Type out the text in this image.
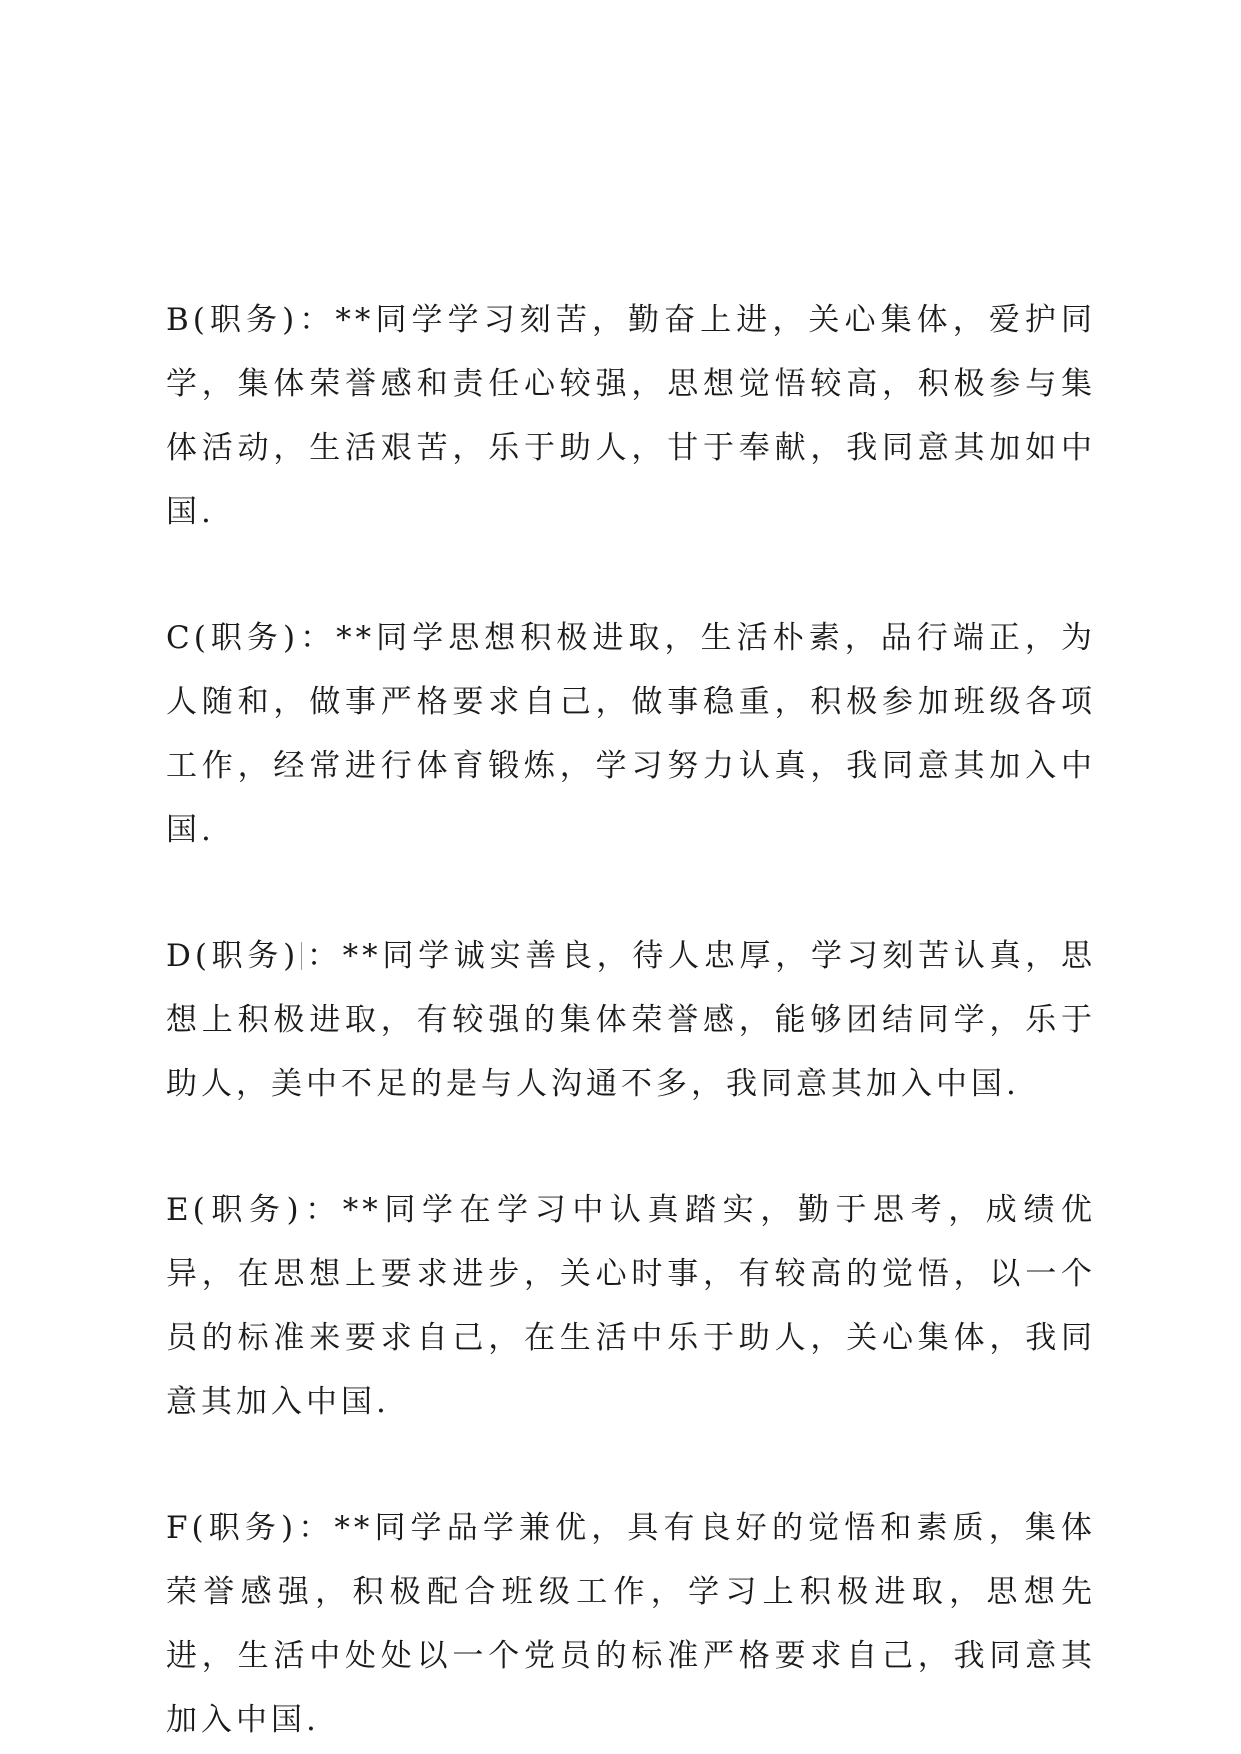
B(职务)：**同学学习刻苦，勤奋上进，关心集体，爱护同学，集体荣誉感和责任心较强，思想觉悟较高，积极参与集体活动，生活艰苦，乐于助人，甘于奉献，我同意其加如中国.

C(职务)：**同学思想积极进取，生活朴素，品行端正，为人随和，做事严格要求自己，做事稳重，积极参加班级各项工作，经常进行体育锻炼，学习努力认真，我同意其加入中国.

D(职务) ：**同学诚实善良，待人忠厚，学习刻苦认真，思想上积极进取，有较强的集体荣誉感，能够团结同学，乐于助人，美中不足的是与人沟通不多，我同意其加入中国.

E(职务)：**同学在学习中认真踏实，勤于思考，成绩优异，在思想上要求进步，关心时事，有较高的觉悟，以一个员的标准来要求自己，在生活中乐于助人，关心集体，我同意其加入中国.

F(职务)：**同学品学兼优，具有良好的觉悟和素质，集体荣誉感强，积极配合班级工作，学习上积极进取，思想先进，生活中处处以一个党员的标准严格要求自己，我同意其加入中国.
